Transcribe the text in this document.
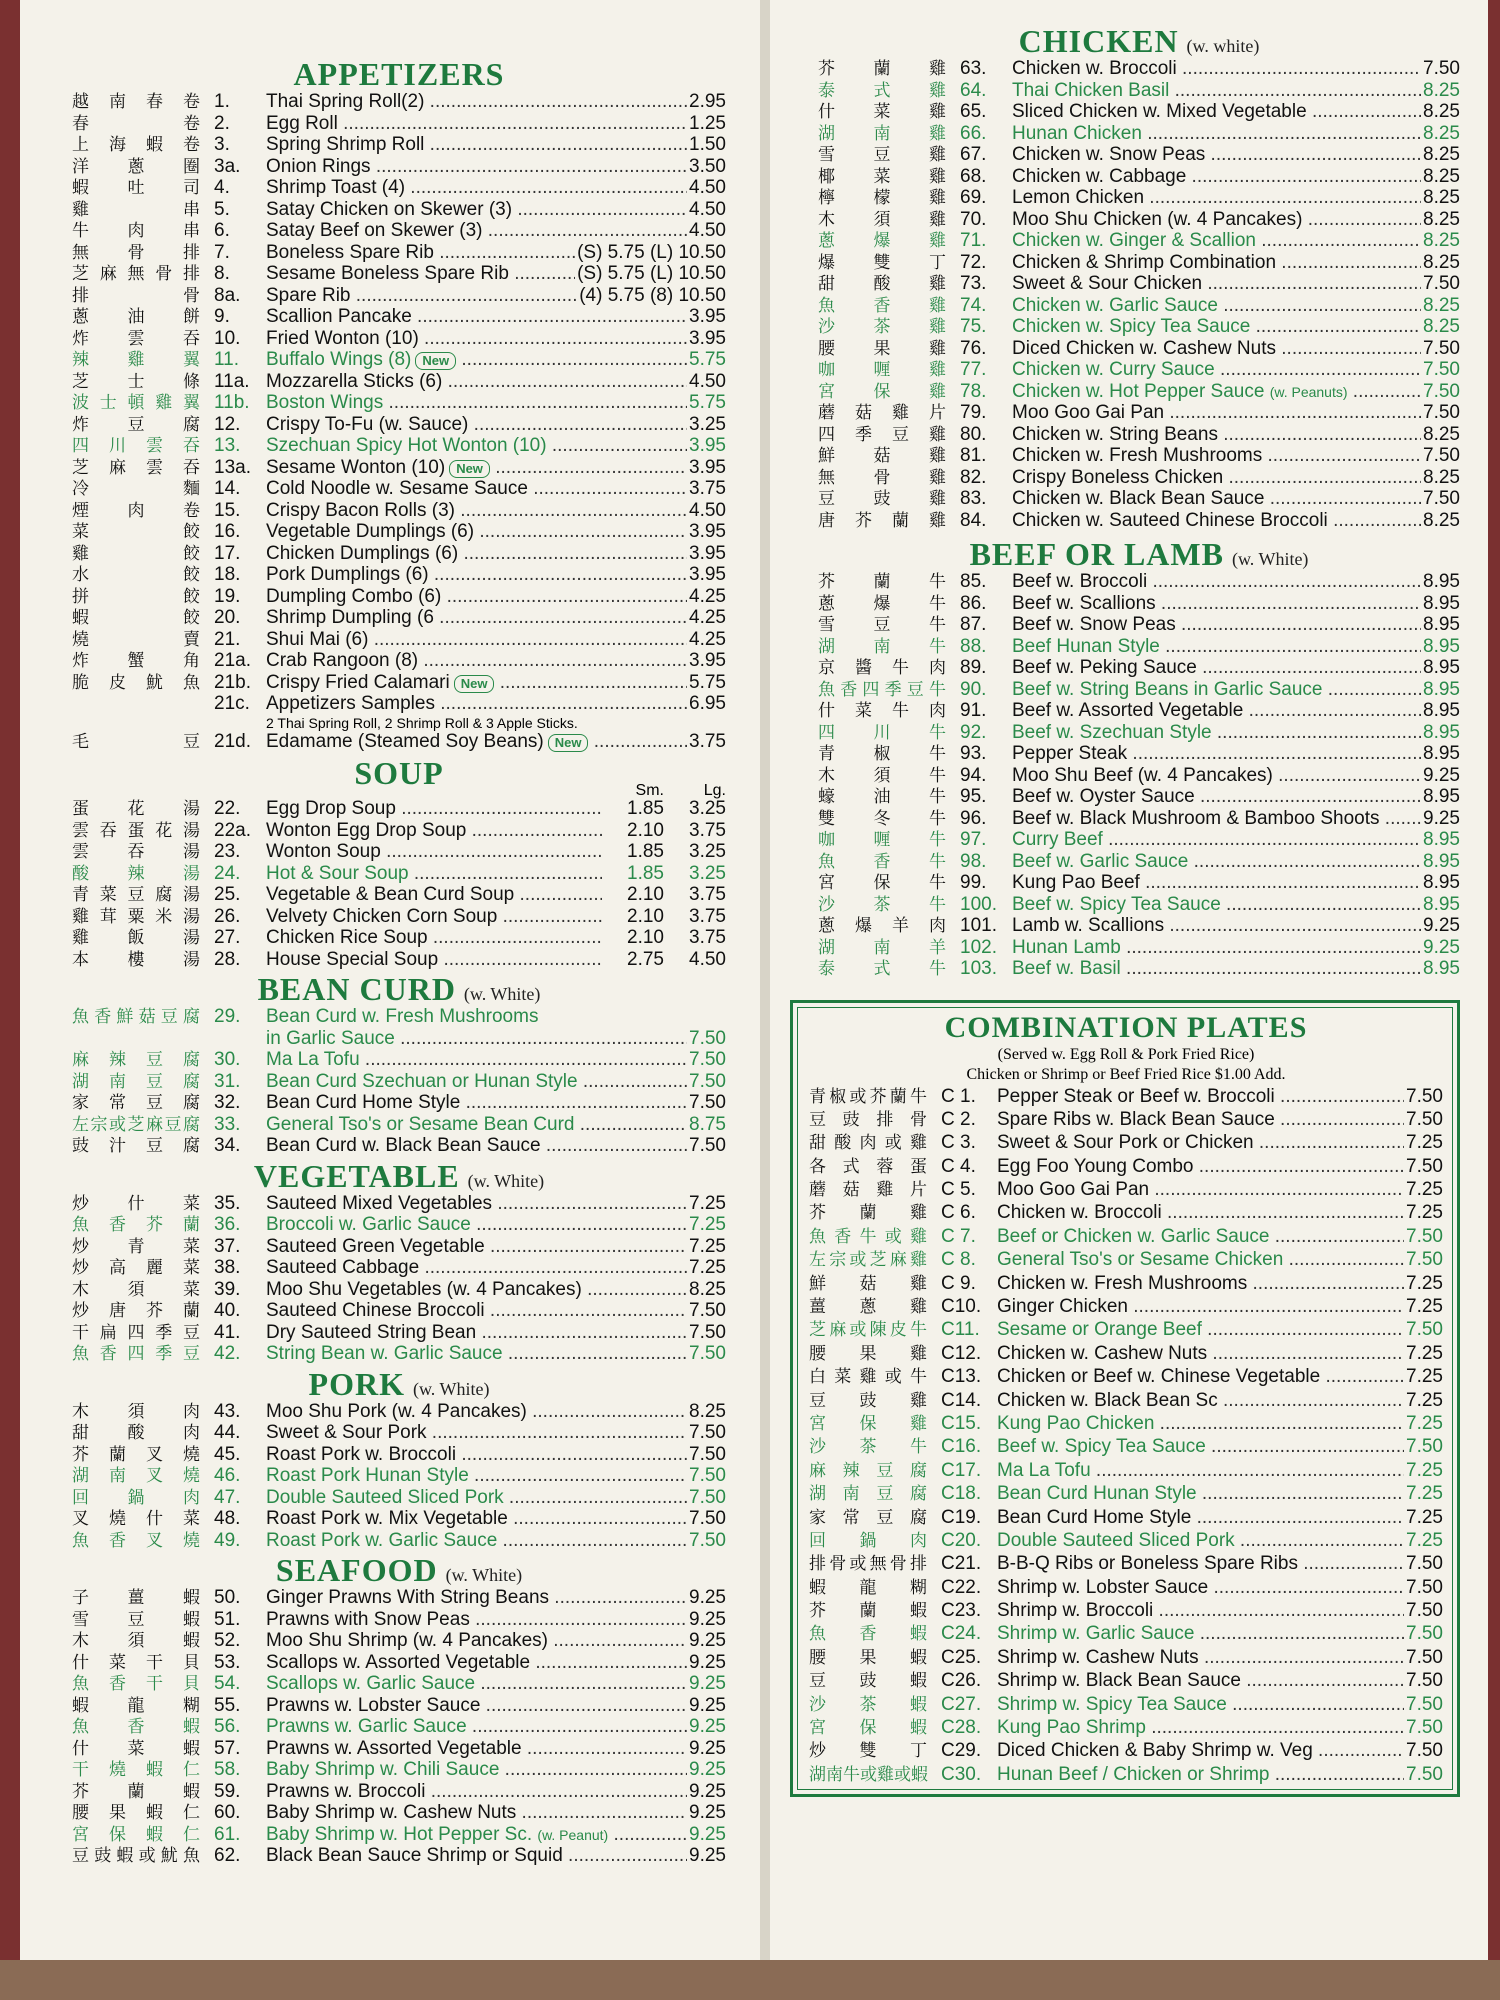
APPETIZERS
越南春卷 1.	Thai Spring Roll(2) .....	2.95
春卷 2.	Egg Roll .....	1.25
上海蝦卷 3.	Spring Shrimp Roll .....	1.50
洋蔥圈 3a.	Onion Rings .....	3.50
蝦吐司 4.	Shrimp Toast (4) .....	4.50
雞串 5.	Satay Chicken on Skewer (3) .....	4.50
牛肉串 6.	Satay Beef on Skewer (3) .....	4.50
無骨排 7.	Boneless Spare Rib .....	(S) 5.75 (L) 10.50
芝麻無骨排 8.	Sesame Boneless Spare Rib .....	(S) 5.75 (L) 10.50
排骨 8a.	Spare Rib .....	(4) 5.75 (8) 10.50
蔥油餅 9.	Scallion Pancake .....	3.95
炸雲吞 10.	Fried Wonton (10) .....	3.95
辣雞翼 11.	Buffalo Wings (8) New .....	5.75
芝士條 11a. Mozzarella Sticks (6) .....	4.50
波士頓雞翼 11b. Boston Wings .....	5.75
炸豆腐 12.	Crispy To-Fu (w. Sauce) .....	3.25
四川雲吞 13.	Szechuan Spicy Hot Wonton (10) .....	3.95
芝麻雲吞 13a. Sesame Wonton (10) New .....	3.95
冷麵 14.	Cold Noodle w. Sesame Sauce .....	3.75
煙肉卷 15.	Crispy Bacon Rolls (3) .....	4.50
菜餃 16.	Vegetable Dumplings (6) .....	3.95
雞餃 17.	Chicken Dumplings (6) .....	3.95
水餃 18.	Pork Dumplings (6) .....	3.95
拼餃 19.	Dumpling Combo (6) .....	4.25
蝦餃 20.	Shrimp Dumpling (6 .....	4.25
燒賣 21.	Shui Mai (6) .....	4.25
炸蟹角 21a. Crab Rangoon (8) .....	3.95
脆皮魷魚 21b. Crispy Fried Calamari New .....	5.75
21c. Appetizers Samples .....	6.95
2 Thai Spring Roll, 2 Shrimp Roll & 3 Apple Sticks.
毛豆 21d. Edamame (Steamed Soy Beans) New .....	3.75
SOUP	Sm.	Lg.
蛋花湯 22.	Egg Drop Soup .....	1.85	3.25
雲吞蛋花湯 22a. Wonton Egg Drop Soup .....	2.10	3.75
雲吞湯 23.	Wonton Soup .....	1.85	3.25
酸辣湯 24.	Hot & Sour Soup .....	1.85	3.25
青菜豆腐湯 25.	Vegetable & Bean Curd Soup .....	2.10	3.75
雞茸粟米湯 26.	Velvety Chicken Corn Soup .....	2.10	3.75
雞飯湯 27.	Chicken Rice Soup .....	2.10	3.75
本樓湯 28.	House Special Soup .....	2.75	4.50
BEAN CURD (w. White)
魚香鮮菇豆腐 29.	Bean Curd w. Fresh Mushrooms
in Garlic Sauce .....	7.50
麻辣豆腐 30.	Ma La Tofu .....	7.50
湖南豆腐 31.	Bean Curd Szechuan or Hunan Style .....	7.50
家常豆腐 32.	Bean Curd Home Style .....	7.50
左宗或芝麻豆腐 33.	General Tso's or Sesame Bean Curd .....	8.75
豉汁豆腐 34.	Bean Curd w. Black Bean Sauce .....	7.50
VEGETABLE (w. White)
炒什菜 35.	Sauteed Mixed Vegetables .....	7.25
魚香芥蘭 36.	Broccoli w. Garlic Sauce .....	7.25
炒青菜 37.	Sauteed Green Vegetable .....	7.25
炒高麗菜 38.	Sauteed Cabbage .....	7.25
木須菜 39.	Moo Shu Vegetables (w. 4 Pancakes) .....	8.25
炒唐芥蘭 40.	Sauteed Chinese Broccoli .....	7.50
干扁四季豆 41.	Dry Sauteed String Bean .....	7.50
魚香四季豆 42.	String Bean w. Garlic Sauce .....	7.50
PORK (w. White)
木須肉 43.	Moo Shu Pork (w. 4 Pancakes) .....	8.25
甜酸肉 44.	Sweet & Sour Pork .....	7.50
芥蘭叉燒 45.	Roast Pork w. Broccoli .....	7.50
湖南叉燒 46.	Roast Pork Hunan Style .....	7.50
回鍋肉 47.	Double Sauteed Sliced Pork .....	7.50
叉燒什菜 48.	Roast Pork w. Mix Vegetable .....	7.50
魚香叉燒 49.	Roast Pork w. Garlic Sauce .....	7.50
SEAFOOD (w. White)
子薑蝦 50.	Ginger Prawns With String Beans .....	9.25
雪豆蝦 51.	Prawns with Snow Peas .....	9.25
木須蝦 52.	Moo Shu Shrimp (w. 4 Pancakes) .....	9.25
什菜干貝 53.	Scallops w. Assorted Vegetable .....	9.25
魚香干貝 54.	Scallops w. Garlic Sauce .....	9.25
蝦龍糊 55.	Prawns w. Lobster Sauce .....	9.25
魚香蝦 56.	Prawns w. Garlic Sauce .....	9.25
什菜蝦 57.	Prawns w. Assorted Vegetable .....	9.25
干燒蝦仁 58.	Baby Shrimp w. Chili Sauce .....	9.25
芥蘭蝦 59.	Prawns w. Broccoli .....	9.25
腰果蝦仁 60.	Baby Shrimp w. Cashew Nuts .....	9.25
宮保蝦仁 61.	Baby Shrimp w. Hot Pepper Sc. (w. Peanut) .....	9.25
豆豉蝦或魷魚 62.	Black Bean Sauce Shrimp or Squid .....	9.25
CHICKEN (w. white)
芥蘭雞 63.	Chicken w. Broccoli .....	7.50
泰式雞 64.	Thai Chicken Basil .....	8.25
什菜雞 65.	Sliced Chicken w. Mixed Vegetable .....	8.25
湖南雞 66.	Hunan Chicken .....	8.25
雪豆雞 67.	Chicken w. Snow Peas .....	8.25
椰菜雞 68.	Chicken w. Cabbage .....	8.25
檸檬雞 69.	Lemon Chicken .....	8.25
木須雞 70.	Moo Shu Chicken (w. 4 Pancakes) .....	8.25
蔥爆雞 71.	Chicken w. Ginger & Scallion .....	8.25
爆雙丁 72.	Chicken & Shrimp Combination .....	8.25
甜酸雞 73.	Sweet & Sour Chicken .....	7.50
魚香雞 74.	Chicken w. Garlic Sauce .....	8.25
沙茶雞 75.	Chicken w. Spicy Tea Sauce .....	8.25
腰果雞 76.	Diced Chicken w. Cashew Nuts .....	7.50
咖喱雞 77.	Chicken w. Curry Sauce .....	7.50
宮保雞 78.	Chicken w. Hot Pepper Sauce (w. Peanuts) .....	7.50
蘑菇雞片 79.	Moo Goo Gai Pan .....	7.50
四季豆雞 80.	Chicken w. String Beans .....	8.25
鮮菇雞 81.	Chicken w. Fresh Mushrooms .....	7.50
無骨雞 82.	Crispy Boneless Chicken .....	8.25
豆豉雞 83.	Chicken w. Black Bean Sauce .....	7.50
唐芥蘭雞 84.	Chicken w. Sauteed Chinese Broccoli .....	8.25
BEEF OR LAMB (w. White)
芥蘭牛 85.	Beef w. Broccoli .....	8.95
蔥爆牛 86.	Beef w. Scallions .....	8.95
雪豆牛 87.	Beef w. Snow Peas .....	8.95
湖南牛 88.	Beef Hunan Style .....	8.95
京醬牛肉 89.	Beef w. Peking Sauce .....	8.95
魚香四季豆牛 90.	Beef w. String Beans in Garlic Sauce .....	8.95
什菜牛肉 91.	Beef w. Assorted Vegetable .....	8.95
四川牛 92.	Beef w. Szechuan Style .....	8.95
青椒牛 93.	Pepper Steak .....	8.95
木須牛 94.	Moo Shu Beef (w. 4 Pancakes) .....	9.25
蠔油牛 95.	Beef w. Oyster Sauce .....	8.95
雙冬牛 96.	Beef w. Black Mushroom & Bamboo Shoots .....	9.25
咖喱牛 97.	Curry Beef .....	8.95
魚香牛 98.	Beef w. Garlic Sauce .....	8.95
宮保牛 99.	Kung Pao Beef .....	8.95
沙茶牛 100. Beef w. Spicy Tea Sauce .....	8.95
蔥爆羊肉 101. Lamb w. Scallions .....	9.25
湖南羊 102. Hunan Lamb .....	9.25
泰式牛 103. Beef w. Basil .....	8.95
COMBINATION PLATES
(Served w. Egg Roll & Pork Fried Rice)
Chicken or Shrimp or Beef Fried Rice $1.00 Add.
青椒或芥蘭牛 C 1.	Pepper Steak or Beef w. Broccoli .....	7.50
豆豉排骨 C 2.	Spare Ribs w. Black Bean Sauce .....	7.50
甜酸肉或雞 C 3.	Sweet & Sour Pork or Chicken .....	7.25
各式蓉蛋 C 4.	Egg Foo Young Combo .....	7.50
蘑菇雞片 C 5.	Moo Goo Gai Pan .....	7.25
芥蘭雞 C 6.	Chicken w. Broccoli .....	7.25
魚香牛或雞 C 7.	Beef or Chicken w. Garlic Sauce .....	7.50
左宗或芝麻雞 C 8.	General Tso's or Sesame Chicken .....	7.50
鮮菇雞 C 9.	Chicken w. Fresh Mushrooms .....	7.25
薑蔥雞 C10. Ginger Chicken .....	7.25
芝麻或陳皮牛 C11. Sesame or Orange Beef .....	7.50
腰果雞 C12. Chicken w. Cashew Nuts .....	7.25
白菜雞或牛 C13. Chicken or Beef w. Chinese Vegetable .....	7.25
豆豉雞 C14. Chicken w. Black Bean Sc .....	7.25
宮保雞 C15. Kung Pao Chicken .....	7.25
沙茶牛 C16. Beef w. Spicy Tea Sauce .....	7.50
麻辣豆腐 C17. Ma La Tofu .....	7.25
湖南豆腐 C18. Bean Curd Hunan Style .....	7.25
家常豆腐 C19. Bean Curd Home Style .....	7.25
回鍋肉 C20. Double Sauteed Sliced Pork .....	7.25
排骨或無骨排 C21. B-B-Q Ribs or Boneless Spare Ribs .....	7.50
蝦龍糊 C22. Shrimp w. Lobster Sauce .....	7.50
芥蘭蝦 C23. Shrimp w. Broccoli .....	7.50
魚香蝦 C24. Shrimp w. Garlic Sauce .....	7.50
腰果蝦 C25. Shrimp w. Cashew Nuts .....	7.50
豆豉蝦 C26. Shrimp w. Black Bean Sauce .....	7.50
沙茶蝦 C27. Shrimp w. Spicy Tea Sauce .....	7.50
宮保蝦 C28. Kung Pao Shrimp .....	7.50
炒雙丁 C29. Diced Chicken & Baby Shrimp w. Veg .....	7.50
湖南牛或雞或蝦 C30. Hunan Beef / Chicken or Shrimp .....	7.50
